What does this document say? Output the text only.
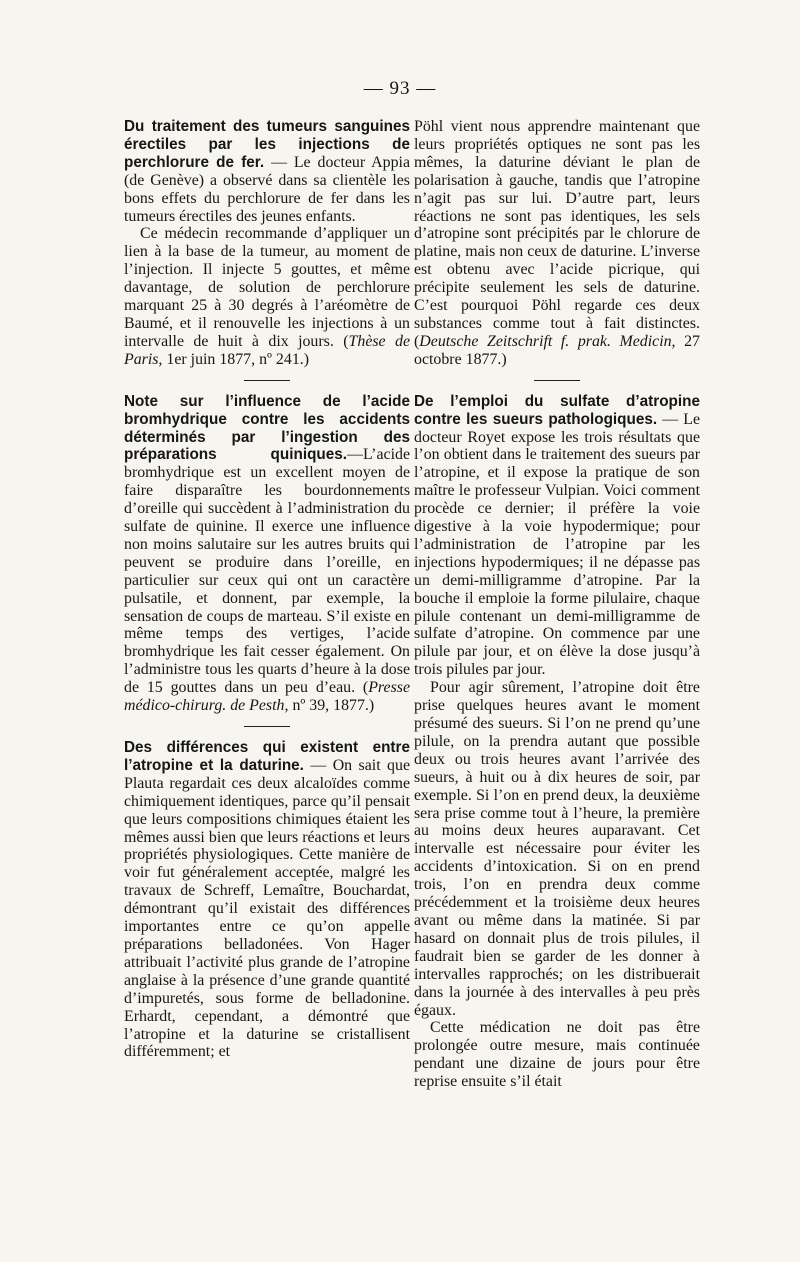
— 93 —

Du traitement des tumeurs sanguines érectiles par les injections de perchlorure de fer. — Le docteur Appia (de Genève) a observé dans sa clientèle les bons effets du perchlorure de fer dans les tumeurs érectiles des jeunes enfants.

Ce médecin recommande d’appliquer un lien à la base de la tumeur, au moment de l’injection. Il injecte 5 gouttes, et même davantage, de solution de perchlorure marquant 25 à 30 degrés à l’aréomètre de Baumé, et il renouvelle les injections à un intervalle de huit à dix jours. (Thèse de Paris, 1er juin 1877, nº 241.)

Note sur l’influence de l’acide bromhydrique contre les accidents déterminés par l’ingestion des préparations quiniques.—L’acide bromhydrique est un excellent moyen de faire disparaître les bourdonnements d’oreille qui succèdent à l’administration du sulfate de quinine. Il exerce une influence non moins salutaire sur les autres bruits qui peuvent se produire dans l’oreille, en particulier sur ceux qui ont un caractère pulsatile, et donnent, par exemple, la sensation de coups de marteau. S’il existe en même temps des vertiges, l’acide bromhydrique les fait cesser également. On l’administre tous les quarts d’heure à la dose de 15 gouttes dans un peu d’eau. (Presse médico-chirurg. de Pesth, nº 39, 1877.)

Des différences qui existent entre l’atropine et la daturine. — On sait que Plauta regardait ces deux alcaloïdes comme chimiquement identiques, parce qu’il pensait que leurs compositions chimiques étaient les mêmes aussi bien que leurs réactions et leurs propriétés physiologiques. Cette manière de voir fut généralement acceptée, malgré les travaux de Schreff, Lemaître, Bouchardat, démontrant qu’il existait des différences importantes entre ce qu’on appelle préparations belladonées. Von Hager attribuait l’activité plus grande de l’atropine anglaise à la présence d’une grande quantité d’impuretés, sous forme de belladonine. Erhardt, cependant, a démontré que l’atropine et la daturine se cristallisent différemment; et

Pöhl vient nous apprendre maintenant que leurs propriétés optiques ne sont pas les mêmes, la daturine déviant le plan de polarisation à gauche, tandis que l’atropine n’agit pas sur lui. D’autre part, leurs réactions ne sont pas identiques, les sels d’atropine sont précipités par le chlorure de platine, mais non ceux de daturine. L’inverse est obtenu avec l’acide picrique, qui précipite seulement les sels de daturine. C’est pourquoi Pöhl regarde ces deux substances comme tout à fait distinctes. (Deutsche Zeitschrift f. prak. Medicin, 27 octobre 1877.)

De l’emploi du sulfate d’atropine contre les sueurs pathologiques. — Le docteur Royet expose les trois résultats que l’on obtient dans le traitement des sueurs par l’atropine, et il expose la pratique de son maître le professeur Vulpian. Voici comment procède ce dernier; il préfère la voie digestive à la voie hypodermique; pour l’administration de l’atropine par les injections hypodermiques; il ne dépasse pas un demi-milligramme d’atropine. Par la bouche il emploie la forme pilulaire, chaque pilule contenant un demi-milligramme de sulfate d’atropine. On commence par une pilule par jour, et on élève la dose jusqu’à trois pilules par jour.

Pour agir sûrement, l’atropine doit être prise quelques heures avant le moment présumé des sueurs. Si l’on ne prend qu’une pilule, on la prendra autant que possible deux ou trois heures avant l’arrivée des sueurs, à huit ou à dix heures de soir, par exemple. Si l’on en prend deux, la deuxième sera prise comme tout à l’heure, la première au moins deux heures auparavant. Cet intervalle est nécessaire pour éviter les accidents d’intoxication. Si on en prend trois, l’on en prendra deux comme précédemment et la troisième deux heures avant ou même dans la matinée. Si par hasard on donnait plus de trois pilules, il faudrait bien se garder de les donner à intervalles rapprochés; on les distribuerait dans la journée à des intervalles à peu près égaux.

Cette médication ne doit pas être prolongée outre mesure, mais continuée pendant une dizaine de jours pour être reprise ensuite s’il était
